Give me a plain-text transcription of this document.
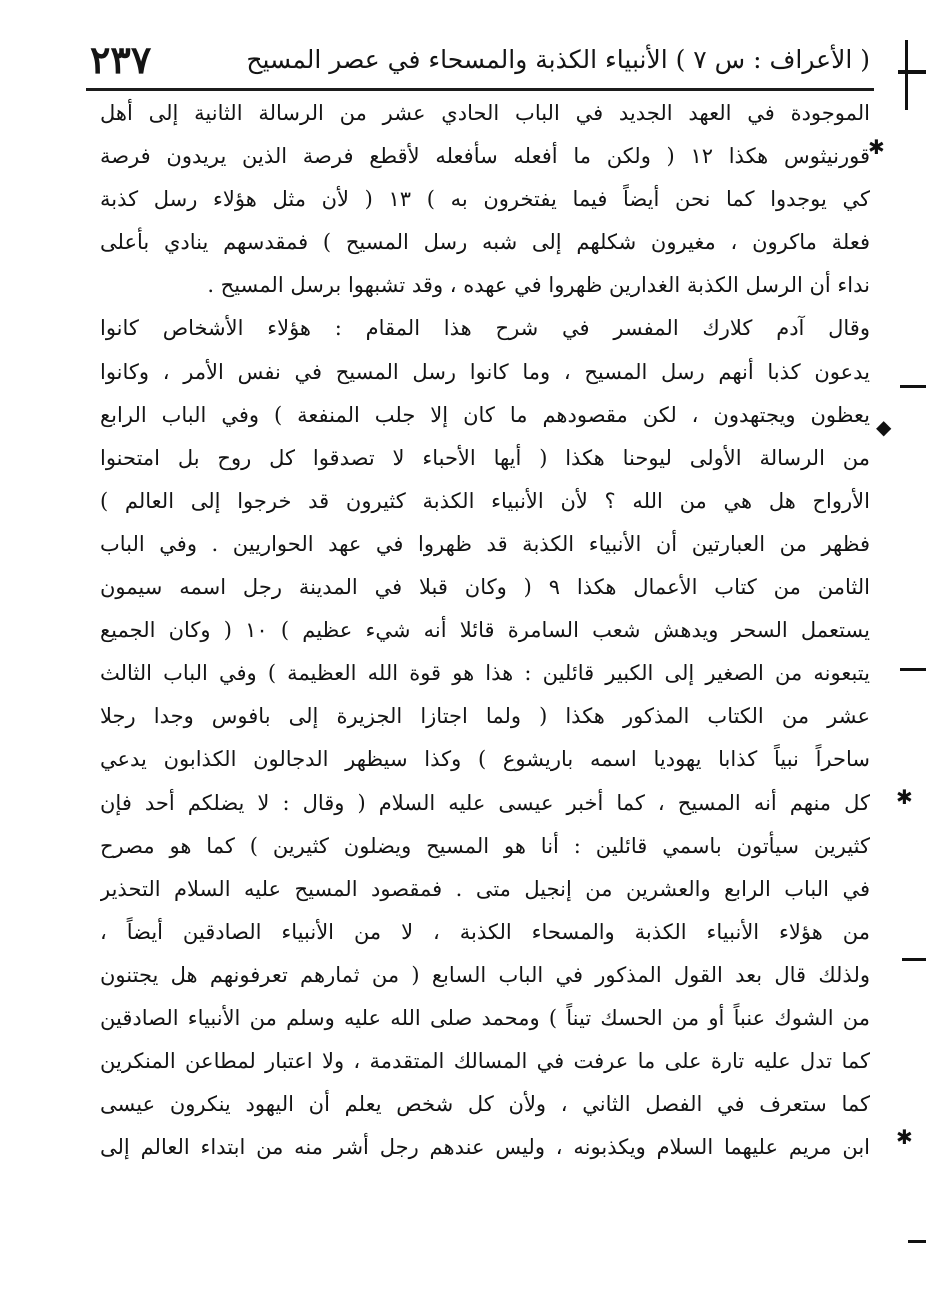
( الأعراف : س ٧ ) الأنبياء الكذبة والمسحاء في عصر المسيح
٢٣٧
الموجودة في العهد الجديد في الباب الحادي عشر من الرسالة الثانية إلى أهل
قورنيثوس هكذا ١٢ ( ولكن ما أفعله سأفعله لأقطع فرصة الذين يريدون فرصة
كي يوجدوا كما نحن أيضاً فيما يفتخرون به ) ١٣ ( لأن مثل هؤلاء رسل كذبة
فعلة ماكرون ، مغيرون شكلهم إلى شبه رسل المسيح ) فمقدسهم ينادي بأعلى
نداء أن الرسل الكذبة الغدارين ظهروا في عهده ، وقد تشبهوا برسل المسيح .
وقال آدم كلارك المفسر في شرح هذا المقام : هؤلاء الأشخاص كانوا
يدعون كذبا أنهم رسل المسيح ، وما كانوا رسل المسيح في نفس الأمر ، وكانوا
يعظون ويجتهدون ، لكن مقصودهم ما كان إلا جلب المنفعة ) وفي الباب الرابع
من الرسالة الأولى ليوحنا هكذا ( أيها الأحباء لا تصدقوا كل روح بل امتحنوا
الأرواح هل هي من الله ؟ لأن الأنبياء الكذبة كثيرون قد خرجوا إلى العالم )
فظهر من العبارتين أن الأنبياء الكذبة قد ظهروا في عهد الحواريين . وفي الباب
الثامن من كتاب الأعمال هكذا ٩ ( وكان قبلا في المدينة رجل اسمه سيمون
يستعمل السحر ويدهش شعب السامرة قائلا أنه شيء عظيم ) ١٠ ( وكان الجميع
يتبعونه من الصغير إلى الكبير قائلين : هذا هو قوة الله العظيمة ) وفي الباب الثالث
عشر من الكتاب المذكور هكذا ( ولما اجتازا الجزيرة إلى بافوس وجدا رجلا
ساحراً نبياً كذابا يهوديا اسمه باريشوع ) وكذا سيظهر الدجالون الكذابون يدعي
كل منهم أنه المسيح ، كما أخبر عيسى عليه السلام ( وقال : لا يضلكم أحد فإن
كثيرين سيأتون باسمي قائلين : أنا هو المسيح ويضلون كثيرين ) كما هو مصرح
في الباب الرابع والعشرين من إنجيل متى . فمقصود المسيح عليه السلام التحذير
من هؤلاء الأنبياء الكذبة والمسحاء الكذبة ، لا من الأنبياء الصادقين أيضاً ،
ولذلك قال بعد القول المذكور في الباب السابع ( من ثمارهم تعرفونهم هل يجتنون
من الشوك عنباً أو من الحسك تيناً ) ومحمد صلى الله عليه وسلم من الأنبياء الصادقين
كما تدل عليه تارة على ما عرفت في المسالك المتقدمة ، ولا اعتبار لمطاعن المنكرين
كما ستعرف في الفصل الثاني ، ولأن كل شخص يعلم أن اليهود ينكرون عيسى
ابن مريم عليهما السلام ويكذبونه ، وليس عندهم رجل أشر منه من ابتداء العالم إلى
✱
◆
✱
✱
